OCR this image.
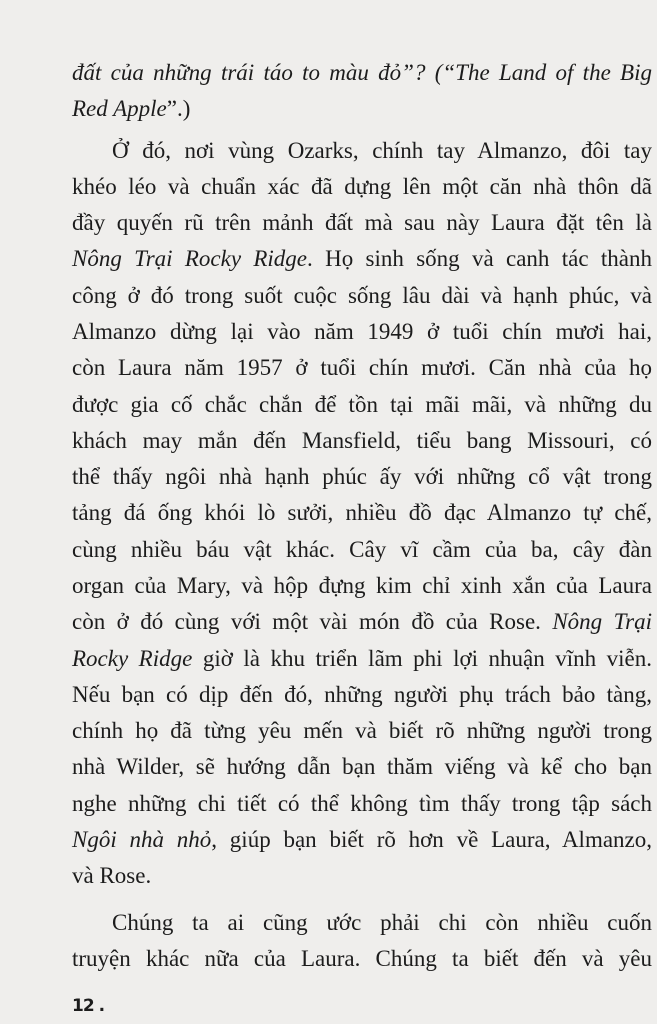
đất của những trái táo to màu đỏ”? (“The Land of the Big
Red Apple”.)
Ở đó, nơi vùng Ozarks, chính tay Almanzo, đôi tay
khéo léo và chuẩn xác đã dựng lên một căn nhà thôn dã
đầy quyến rũ trên mảnh đất mà sau này Laura đặt tên là
Nông Trại Rocky Ridge. Họ sinh sống và canh tác thành
công ở đó trong suốt cuộc sống lâu dài và hạnh phúc, và
Almanzo dừng lại vào năm 1949 ở tuổi chín mươi hai,
còn Laura năm 1957 ở tuổi chín mươi. Căn nhà của họ
được gia cố chắc chắn để tồn tại mãi mãi, và những du
khách may mắn đến Mansfield, tiểu bang Missouri, có
thể thấy ngôi nhà hạnh phúc ấy với những cổ vật trong
tảng đá ống khói lò sưởi, nhiều đồ đạc Almanzo tự chế,
cùng nhiều báu vật khác. Cây vĩ cầm của ba, cây đàn
organ của Mary, và hộp đựng kim chỉ xinh xắn của Laura
còn ở đó cùng với một vài món đồ của Rose. Nông Trại
Rocky Ridge giờ là khu triển lãm phi lợi nhuận vĩnh viễn.
Nếu bạn có dịp đến đó, những người phụ trách bảo tàng,
chính họ đã từng yêu mến và biết rõ những người trong
nhà Wilder, sẽ hướng dẫn bạn thăm viếng và kể cho bạn
nghe những chi tiết có thể không tìm thấy trong tập sách
Ngôi nhà nhỏ, giúp bạn biết rõ hơn về Laura, Almanzo,
và Rose.
Chúng ta ai cũng ước phải chi còn nhiều cuốn
truyện khác nữa của Laura. Chúng ta biết đến và yêu
12 .
